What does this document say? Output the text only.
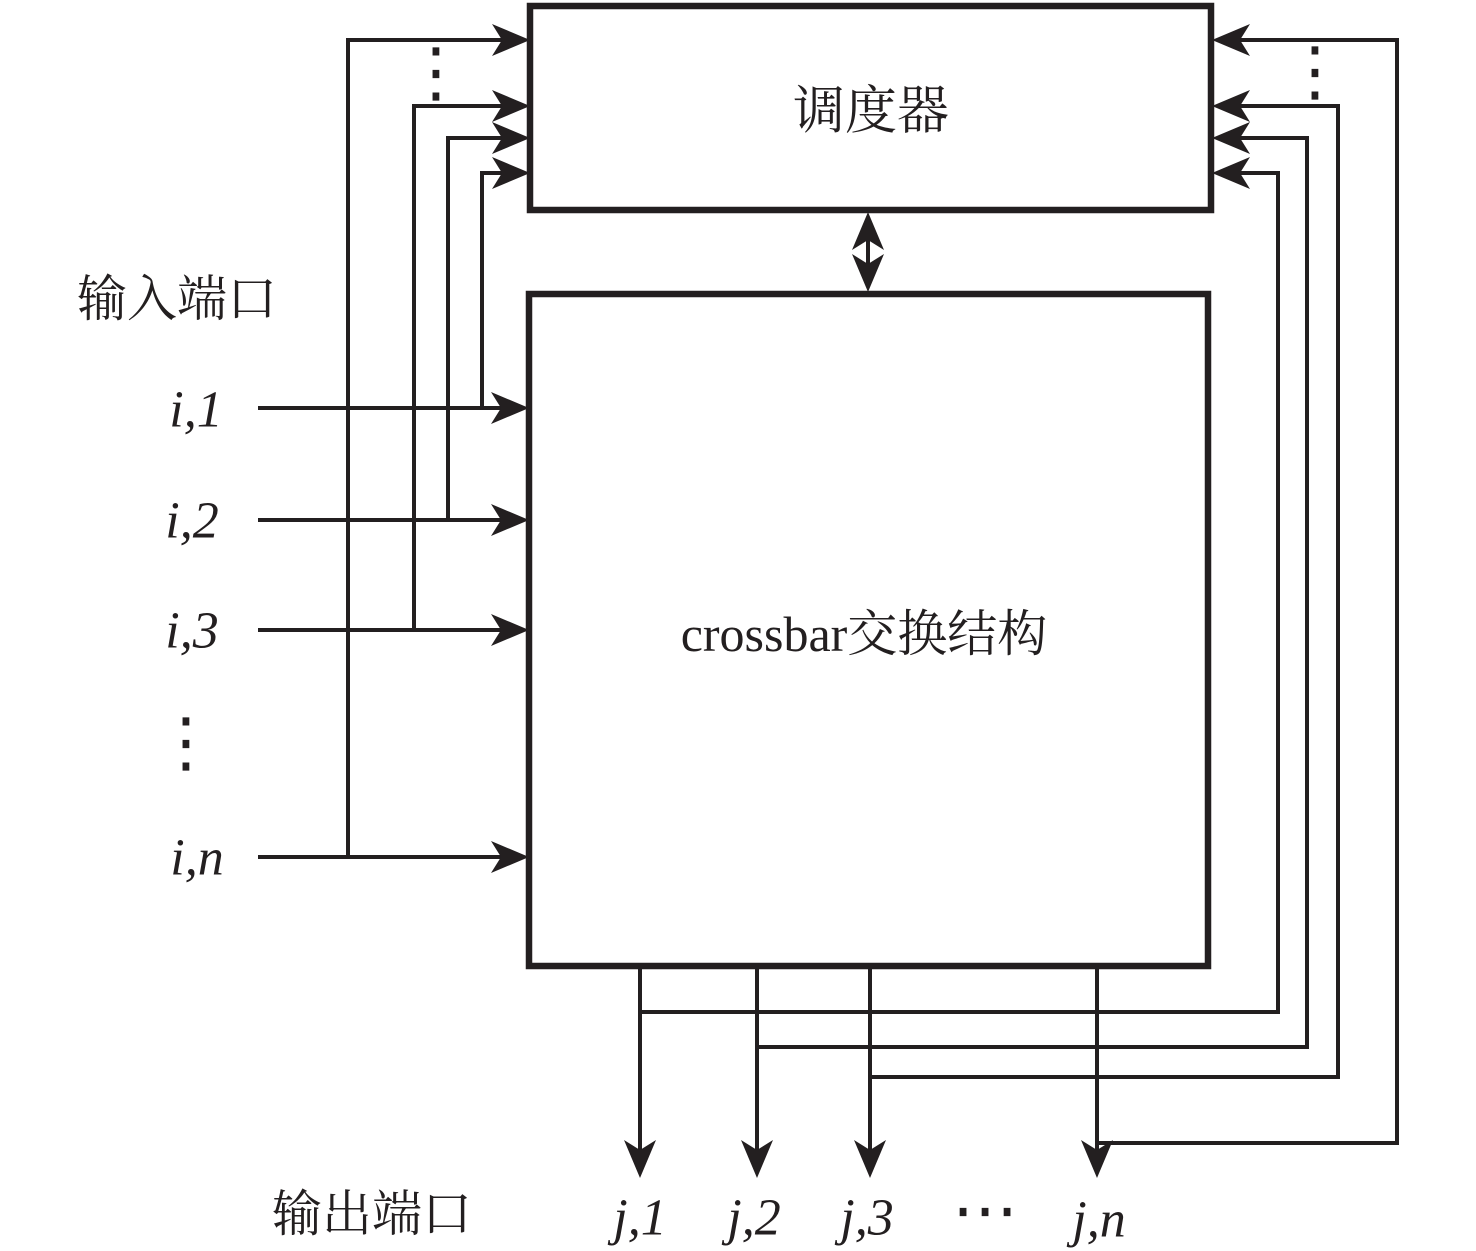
调度器
crossbar交换结构
输入端口
i,1
i,2
i,3
⋮
i,n
输出端口	j,1 j,2 j,3 ⋯ j,n
⋮	⋮
